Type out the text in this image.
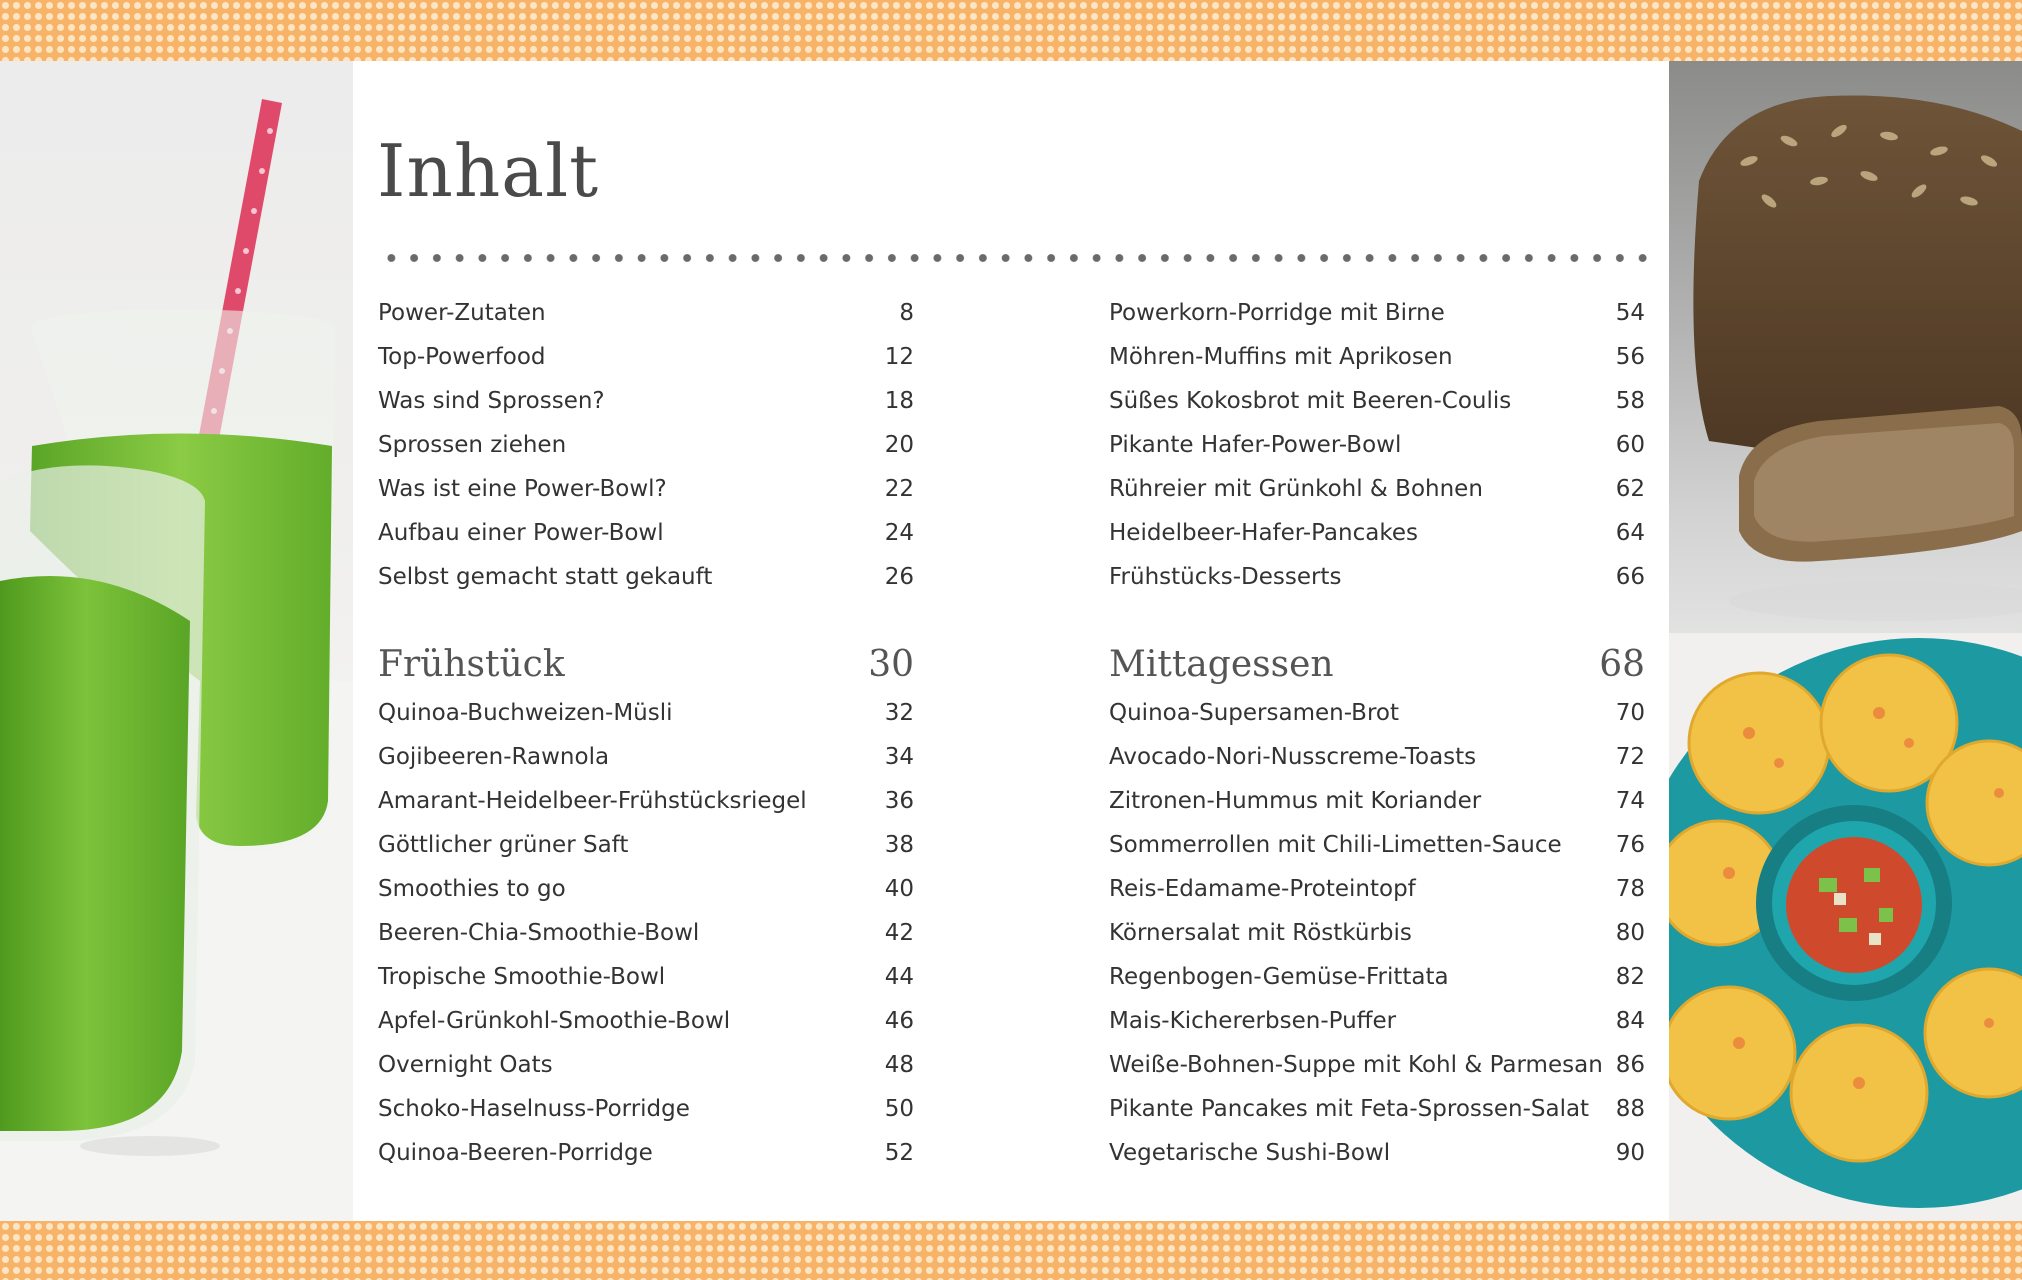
Inhalt
Power-Zutaten	8
Top-Powerfood	12
Was sind Sprossen?	18
Sprossen ziehen	20
Was ist eine Power-Bowl?	22
Aufbau einer Power-Bowl	24
Selbst gemacht statt gekauft	26
Frühstück	30
Quinoa-Buchweizen-Müsli	32
Gojibeeren-Rawnola	34
Amarant-Heidelbeer-Frühstücksriegel	36
Göttlicher grüner Saft	38
Smoothies to go	40
Beeren-Chia-Smoothie-Bowl	42
Tropische Smoothie-Bowl	44
Apfel-Grünkohl-Smoothie-Bowl	46
Overnight Oats	48
Schoko-Haselnuss-Porridge	50
Quinoa-Beeren-Porridge	52
Powerkorn-Porridge mit Birne	54
Möhren-Muffins mit Aprikosen	56
Süßes Kokosbrot mit Beeren-Coulis	58
Pikante Hafer-Power-Bowl	60
Rühreier mit Grünkohl & Bohnen	62
Heidelbeer-Hafer-Pancakes	64
Frühstücks-Desserts	66
Mittagessen	68
Quinoa-Supersamen-Brot	70
Avocado-Nori-Nusscreme-Toasts	72
Zitronen-Hummus mit Koriander	74
Sommerrollen mit Chili-Limetten-Sauce 76
Reis-Edamame-Proteintopf	78
Körnersalat mit Röstkürbis	80
Regenbogen-Gemüse-Frittata	82
Mais-Kichererbsen-Puffer	84
Weiße-Bohnen-Suppe mit Kohl & Parmesan 86
Pikante Pancakes mit Feta-Sprossen-Salat 88
Vegetarische Sushi-Bowl	90
